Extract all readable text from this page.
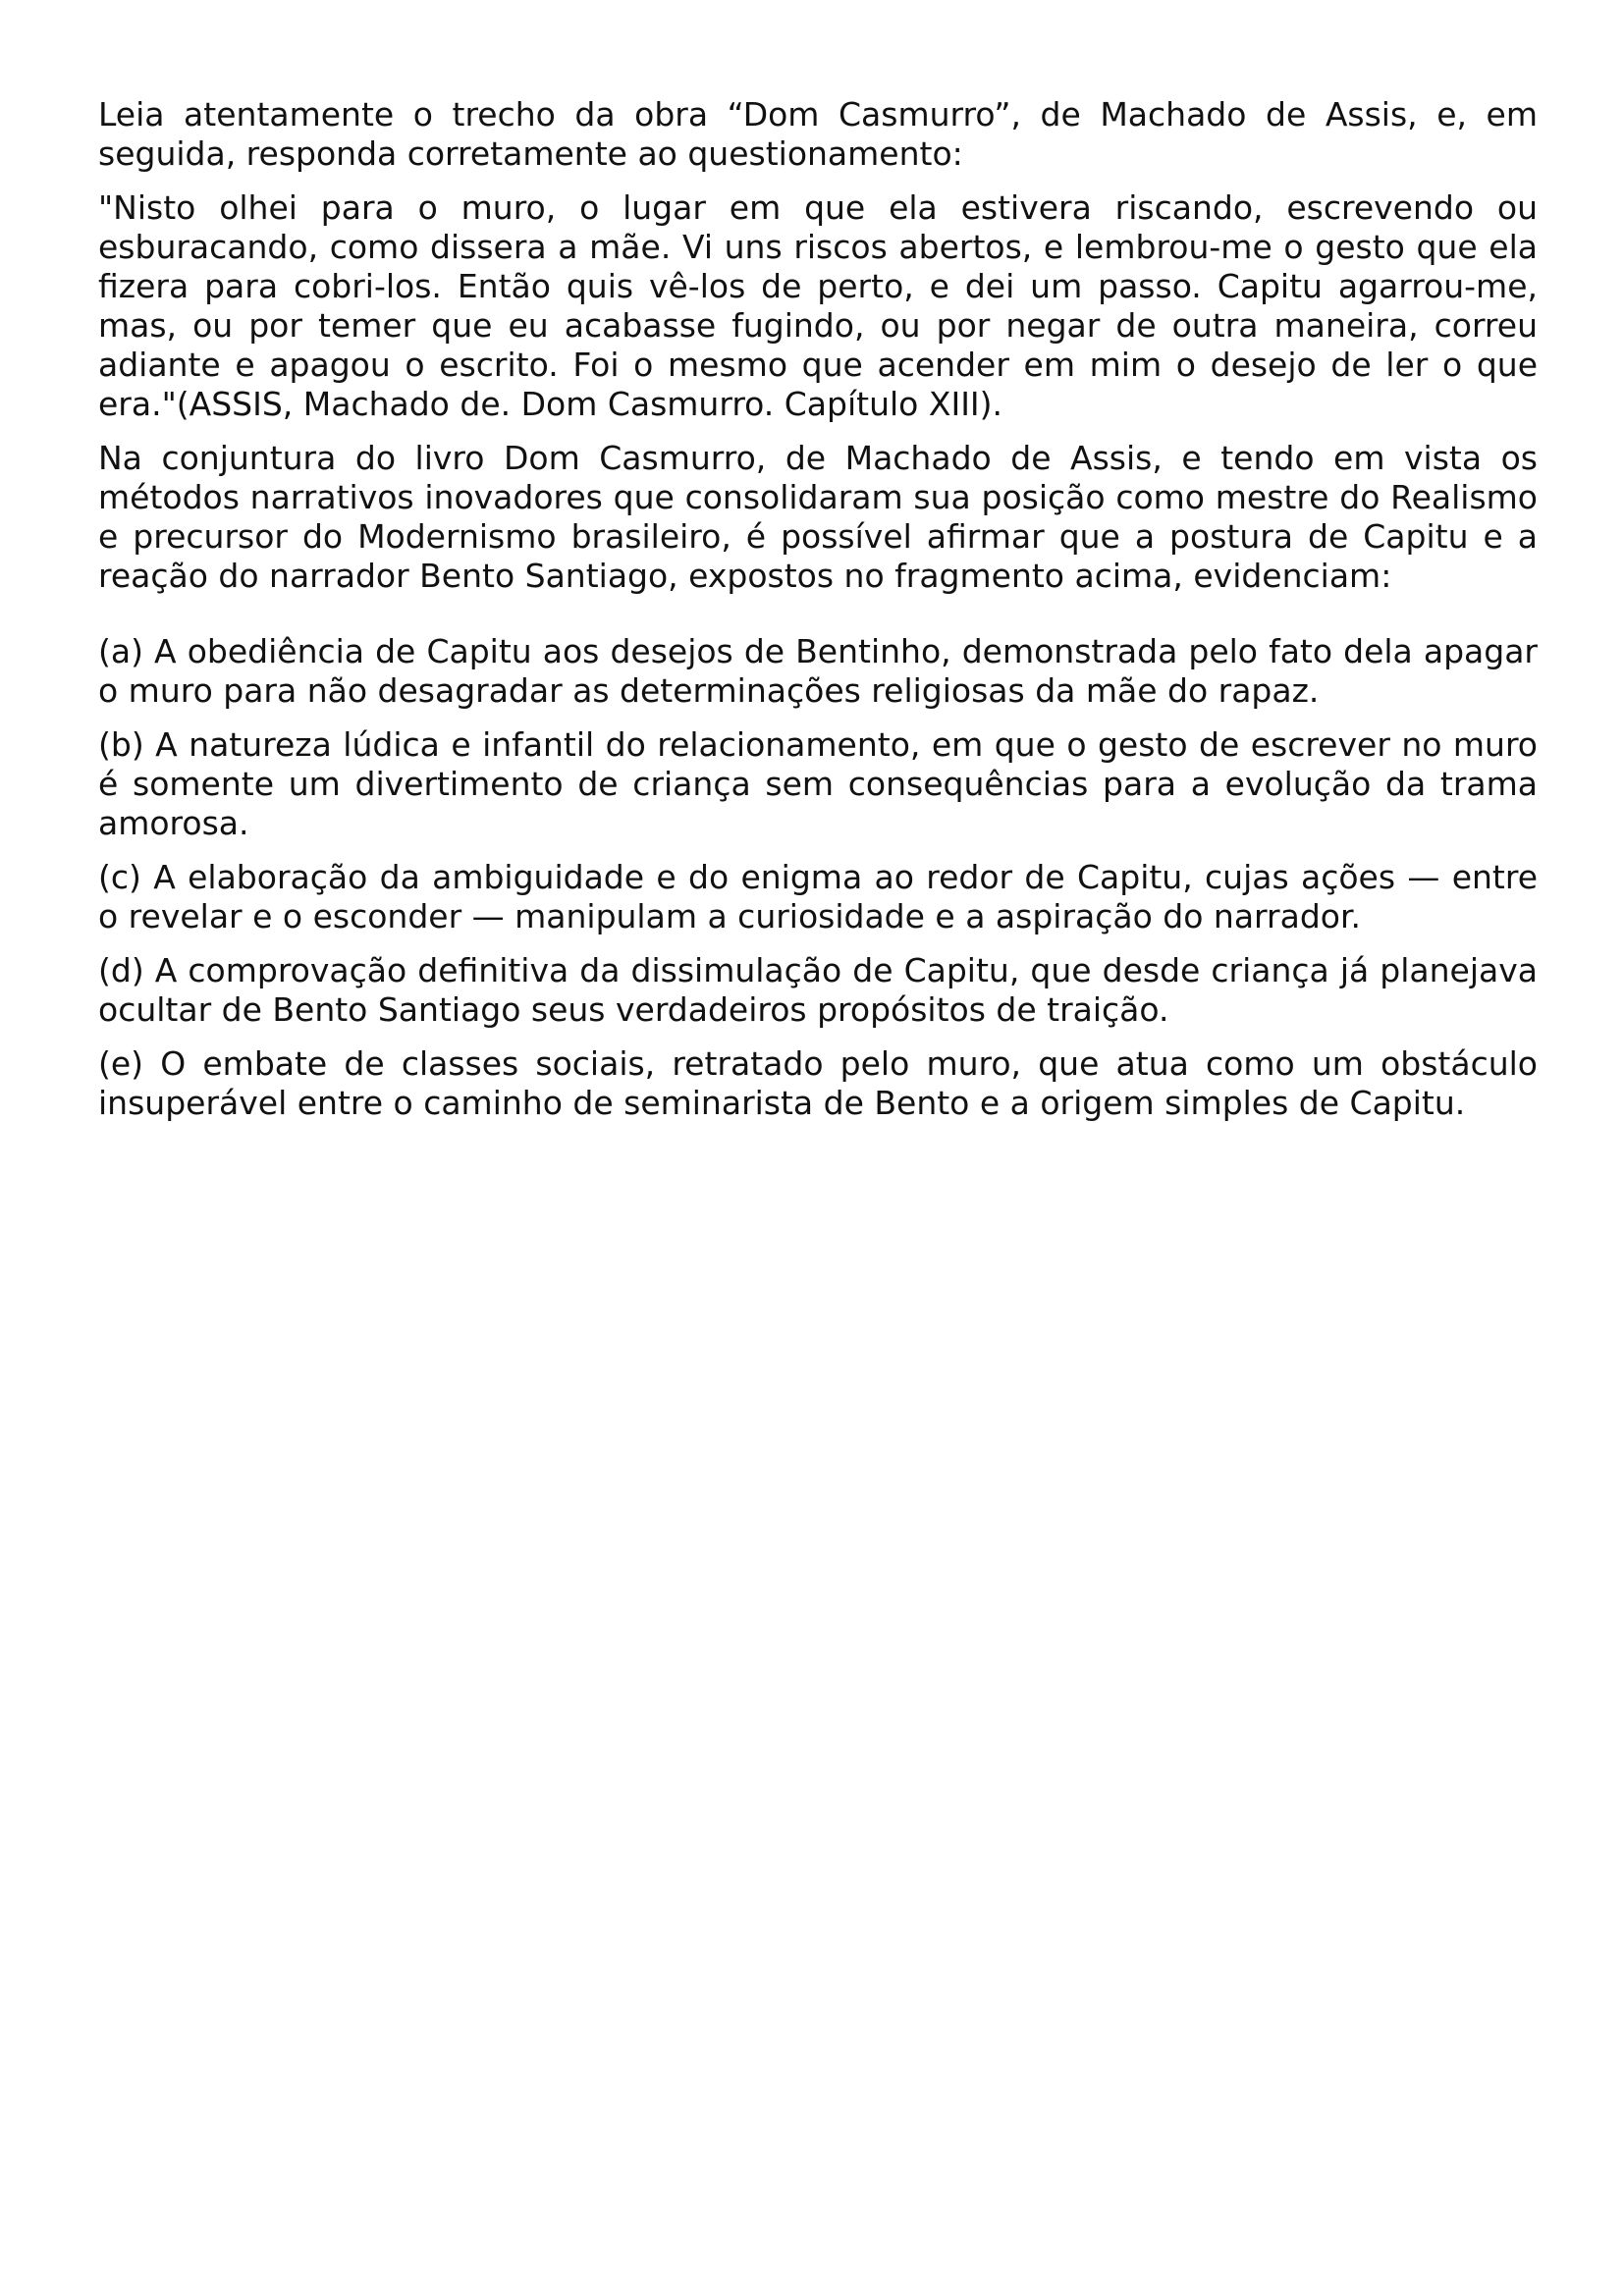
Leia atentamente o trecho da obra “Dom Casmurro”, de Machado de Assis, e, em seguida, responda corretamente ao questionamento:

"Nisto olhei para o muro, o lugar em que ela estivera riscando, escrevendo ou esburacando, como dissera a mãe. Vi uns riscos abertos, e lembrou-me o gesto que ela fizera para cobri-los. Então quis vê-los de perto, e dei um passo. Capitu agarrou-me, mas, ou por temer que eu acabasse fugindo, ou por negar de outra maneira, correu adiante e apagou o escrito. Foi o mesmo que acender em mim o desejo de ler o que era."(ASSIS, Machado de. Dom Casmurro. Capítulo XIII).

Na conjuntura do livro Dom Casmurro, de Machado de Assis, e tendo em vista os métodos narrativos inovadores que consolidaram sua posição como mestre do Realismo e precursor do Modernismo brasileiro, é possível afirmar que a postura de Capitu e a reação do narrador Bento Santiago, expostos no fragmento acima, evidenciam:

(a) A obediência de Capitu aos desejos de Bentinho, demonstrada pelo fato dela apagar o muro para não desagradar as determinações religiosas da mãe do rapaz.

(b) A natureza lúdica e infantil do relacionamento, em que o gesto de escrever no muro é somente um divertimento de criança sem consequências para a evolução da trama amorosa.

(c) A elaboração da ambiguidade e do enigma ao redor de Capitu, cujas ações — entre o revelar e o esconder — manipulam a curiosidade e a aspiração do narrador.

(d) A comprovação definitiva da dissimulação de Capitu, que desde criança já planejava ocultar de Bento Santiago seus verdadeiros propósitos de traição.

(e) O embate de classes sociais, retratado pelo muro, que atua como um obstáculo insuperável entre o caminho de seminarista de Bento e a origem simples de Capitu.
